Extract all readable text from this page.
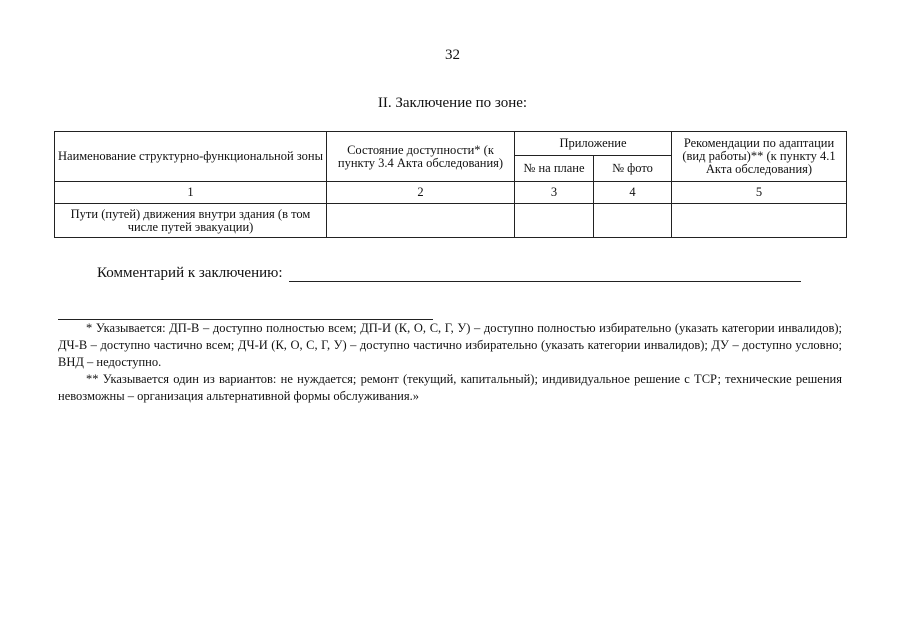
32
II. Заключение по зоне:
Наименование структурно-функциональной зоны	Состояние доступности* (к пункту 3.4 Акта обследования)	Приложение		Рекомендации по адаптации (вид работы)** (к пункту 4.1 Акта обследования)
		№ на плане	№ фото	
1	2	3	4	5
Пути (путей) движения внутри здания (в том числе путей эвакуации)				
Комментарий к заключению:

* Указывается: ДП-В – доступно полностью всем; ДП-И (К, О, С, Г, У) – доступно полностью избирательно (указать категории инвалидов); ДЧ-В – доступно частично всем; ДЧ-И (К, О, С, Г, У) – доступно частично избирательно (указать категории инвалидов); ДУ – доступно условно; ВНД – недоступно.

** Указывается один из вариантов: не нуждается; ремонт (текущий, капитальный); индивидуальное решение с ТСР; технические решения невозможны – организация альтернативной формы обслуживания.»
